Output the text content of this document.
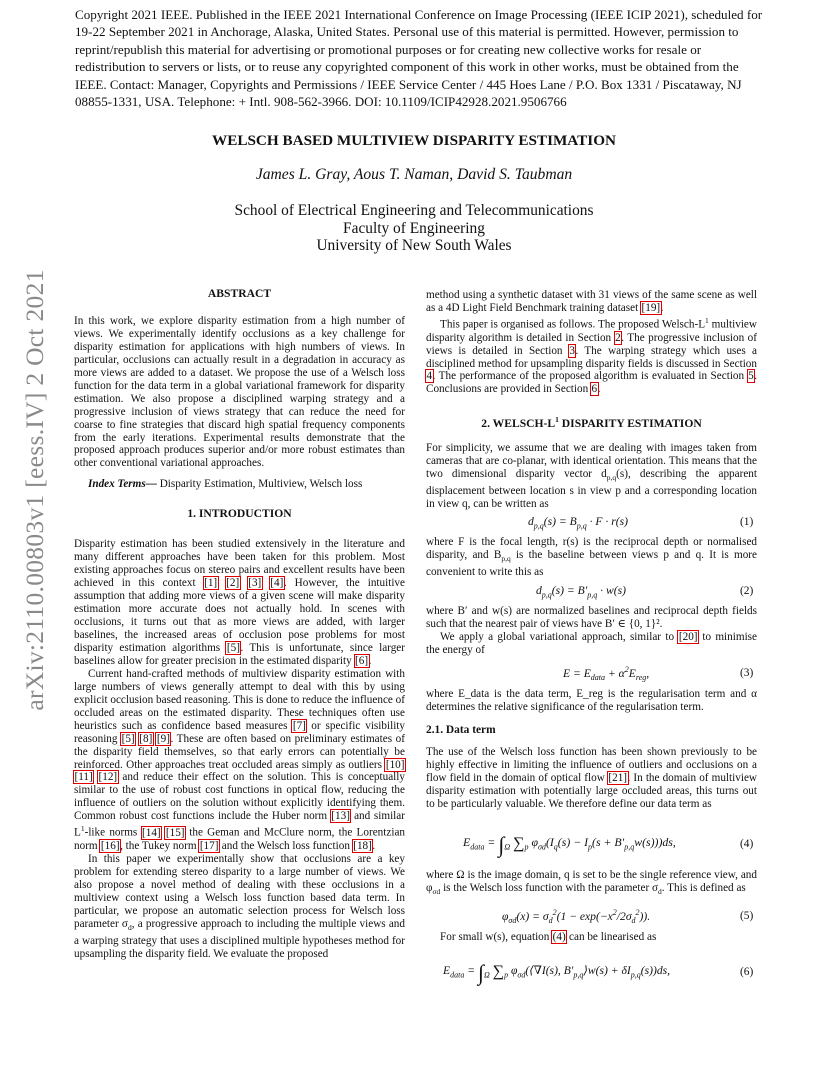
Copyright 2021 IEEE. Published in the IEEE 2021 International Conference on Image Processing (IEEE ICIP 2021), scheduled for 19-22 September 2021 in Anchorage, Alaska, United States. Personal use of this material is permitted. However, permission to reprint/republish this material for advertising or promotional purposes or for creating new collective works for resale or redistribution to servers or lists, or to reuse any copyrighted component of this work in other works, must be obtained from the IEEE. Contact: Manager, Copyrights and Permissions / IEEE Service Center / 445 Hoes Lane / P.O. Box 1331 / Piscataway, NJ 08855-1331, USA. Telephone: + Intl. 908-562-3966. DOI: 10.1109/ICIP42928.2021.9506766
arXiv:2110.00803v1 [eess.IV] 2 Oct 2021
WELSCH BASED MULTIVIEW DISPARITY ESTIMATION
James L. Gray, Aous T. Naman, David S. Taubman
School of Electrical Engineering and Telecommunications
Faculty of Engineering
University of New South Wales
ABSTRACT

In this work, we explore disparity estimation from a high number of views. We experimentally identify occlusions as a key challenge for disparity estimation for applications with high numbers of views. In particular, occlusions can actually result in a degradation in accuracy as more views are added to a dataset. We propose the use of a Welsch loss function for the data term in a global variational framework for disparity estimation. We also propose a disciplined warping strategy and a progressive inclusion of views strategy that can reduce the need for coarse to fine strategies that discard high spatial frequency components from the early iterations. Experimental results demonstrate that the proposed approach produces superior and/or more robust estimates than other conventional variational approaches.

Index Terms— Disparity Estimation, Multiview, Welsch loss

1. INTRODUCTION

Disparity estimation has been studied extensively in the literature and many different approaches have been taken for this problem. Most existing approaches focus on stereo pairs and excellent results have been achieved in this context [1] [2] [3] [4]. However, the intuitive assumption that adding more views of a given scene will make disparity estimation more accurate does not actually hold. In scenes with occlusions, it turns out that as more views are added, with larger baselines, the increased areas of occlusion pose problems for most disparity estimation algorithms [5]. This is unfortunate, since larger baselines allow for greater precision in the estimated disparity [6].

Current hand-crafted methods of multiview disparity estimation with large numbers of views generally attempt to deal with this by using explicit occlusion based reasoning. This is done to reduce the influence of occluded areas on the estimated disparity. These techniques often use heuristics such as confidence based measures [7] or specific visibility reasoning [5] [8] [9]. These are often based on preliminary estimates of the disparity field themselves, so that early errors can potentially be reinforced. Other approaches treat occluded areas simply as outliers [10] [11] [12] and reduce their effect on the solution. This is conceptually similar to the use of robust cost functions in optical flow, reducing the influence of outliers on the solution without explicitly identifying them. Common robust cost functions include the Huber norm [13] and similar $L^1$-like norms [14] [15] the Geman and McClure norm, the Lorentzian norm [16], the Tukey norm [17] and the Welsch loss function [18].

In this paper we experimentally show that occlusions are a key problem for extending stereo disparity to a large number of views. We also propose a novel method of dealing with these occlusions in a multiview context using a Welsch loss function based data term. In particular, we propose an automatic selection process for Welsch loss parameter $\sigma_d$, a progressive approach to including the multiple views and a warping strategy that uses a disciplined multiple hypotheses method for upsampling the disparity field. We evaluate the proposed

method using a synthetic dataset with 31 views of the same scene as well as a 4D Light Field Benchmark training dataset [19].

This paper is organised as follows. The proposed Welsch-$L^1$ multiview disparity algorithm is detailed in Section 2. The progressive inclusion of views is detailed in Section 3. The warping strategy which uses a disciplined method for upsampling disparity fields is discussed in Section 4. The performance of the proposed algorithm is evaluated in Section 5. Conclusions are provided in Section 6.

2. WELSCH-$L^1$ DISPARITY ESTIMATION

For simplicity, we assume that we are dealing with images taken from cameras that are co-planar, with identical orientation. This means that the two dimensional disparity vector $d_{p,q}(s)$, describing the apparent displacement between location s in view p and a corresponding location in view q, can be written as

$d_{p,q}(s) = B_{p,q} \cdot F \cdot r(s)$	(1)

where F is the focal length, r(s) is the reciprocal depth or normalised disparity, and $B_{p,q}$ is the baseline between views p and q. It is more convenient to write this as

$d_{p,q}(s) = B'_{p,q} \cdot w(s)$	(2)

where B′ and w(s) are normalized baselines and reciprocal depth fields such that the nearest pair of views have B′ ∈ {0, 1}².

We apply a global variational approach, similar to [20] to minimise the energy of

$E = E_{data} + \alpha^2E_{reg}$,	(3)

where E_data is the data term, E_reg is the regularisation term and α determines the relative significance of the regularisation term.

2.1. Data term

The use of the Welsch loss function has been shown previously to be highly effective in limiting the influence of outliers and occlusions on a flow field in the domain of optical flow [21]. In the domain of multiview disparity estimation with potentially large occluded areas, this turns out to be particularly valuable. We therefore define our data term as

$E_{data} = \int_\Omega$ $\sum_p$ $\varphi_{\sigma d}(I_q(s) - I_p(s + B'_{p,q}w(s)))ds$,	(4)

where Ω is the image domain, q is set to be the single reference view, and $\varphi_{\sigma d}$ is the Welsch loss function with the parameter $\sigma_d$. This is defined as

$\varphi_{\sigma d}(x) = \sigma_d^2(1 - \exp(-x^2/2\sigma_d^2))$.	(5)

For small w(s), equation (4) can be linearised as

$E_{data} = \int_\Omega$ $\sum_p$ $\varphi_{\sigma d}(⟨\nabla I(s)$, $B'_{p,q}⟩w(s) + \delta I_{p,q}(s))ds$,	(6)
